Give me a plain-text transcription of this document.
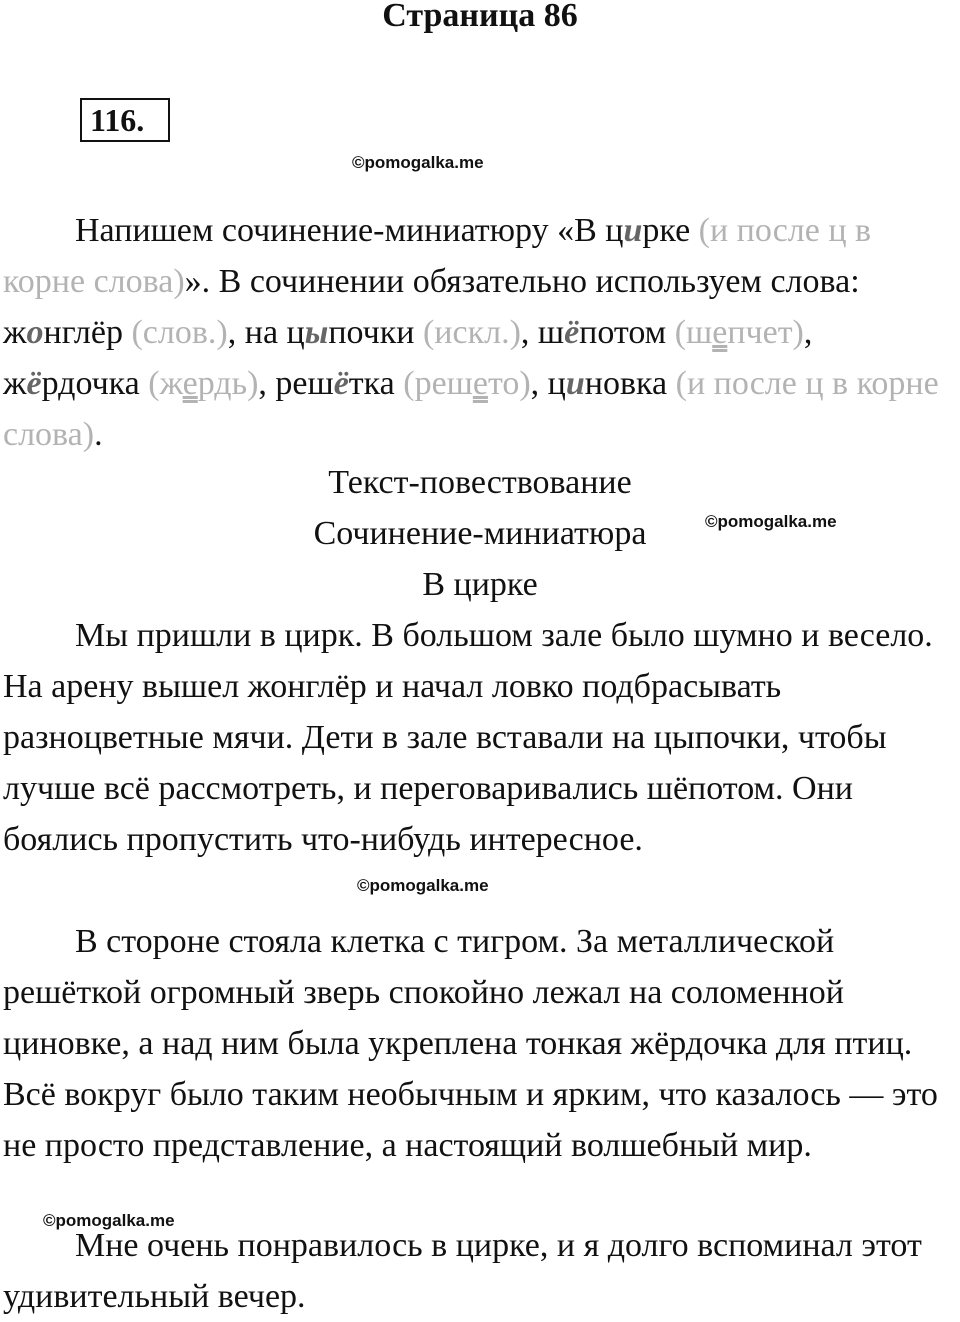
Страница 86
116.
©pomogalka.me

Напишем сочинение-миниатюру «В цирке (и после ц в корне слова)». В сочинении обязательно используем слова: жонглёр (слов.), на цыпочки (искл.), шёпотом (шепчет), жёрдочка (жердь), решётка (решето), циновка (и после ц в корне слова).

Текст-повествование
Сочинение-миниатюра	©pomogalka.me
В цирке

Мы пришли в цирк. В большом зале было шумно и весело. На арену вышел жонглёр и начал ловко подбрасывать разноцветные мячи. Дети в зале вставали на цыпочки, чтобы лучше всё рассмотреть, и переговаривались шёпотом. Они боялись пропустить что-нибудь интересное.

©pomogalka.me

В стороне стояла клетка с тигром. За металлической решёткой огромный зверь спокойно лежал на соломенной циновке, а над ним была укреплена тонкая жёрдочка для птиц. Всё вокруг было таким необычным и ярким, что казалось — это не просто представление, а настоящий волшебный мир.

©pomogalka.me

Мне очень понравилось в цирке, и я долго вспоминал этот удивительный вечер.
